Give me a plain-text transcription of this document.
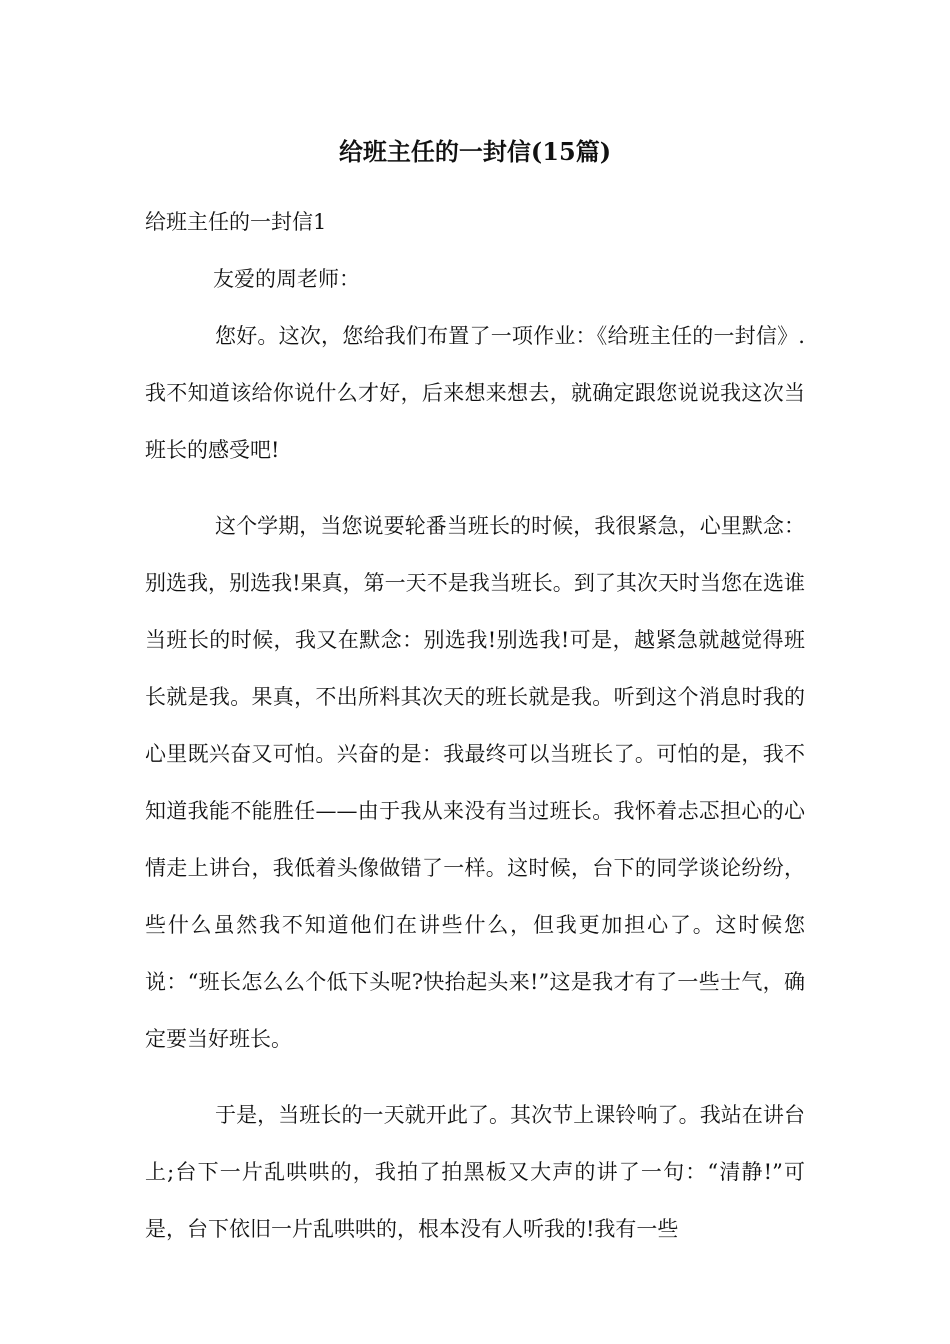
给班主任的一封信(15篇)

给班主任的一封信1

友爱的周老师：

您好。这次，您给我们布置了一项作业：《给班主任的一封信》.我不知道该给你说什么才好，后来想来想去，就确定跟您说说我这次当班长的感受吧!

这个学期，当您说要轮番当班长的时候，我很紧急，心里默念：别选我，别选我!果真，第一天不是我当班长。到了其次天时当您在选谁当班长的时候，我又在默念：别选我!别选我!可是，越紧急就越觉得班长就是我。果真，不出所料其次天的班长就是我。听到这个消息时我的心里既兴奋又可怕。兴奋的是：我最终可以当班长了。可怕的是，我不知道我能不能胜任——由于我从来没有当过班长。我怀着忐忑担心的心情走上讲台，我低着头像做错了一样。这时候，台下的同学谈论纷纷，些什么虽然我不知道他们在讲些什么，但我更加担心了。这时候您说：“班长怎么么个低下头呢?快抬起头来!”这是我才有了一些士气，确定要当好班长。

于是，当班长的一天就开此了。其次节上课铃响了。我站在讲台上;台下一片乱哄哄的，我拍了拍黑板又大声的讲了一句：“清静!”可是，台下依旧一片乱哄哄的，根本没有人听我的!我有一些
